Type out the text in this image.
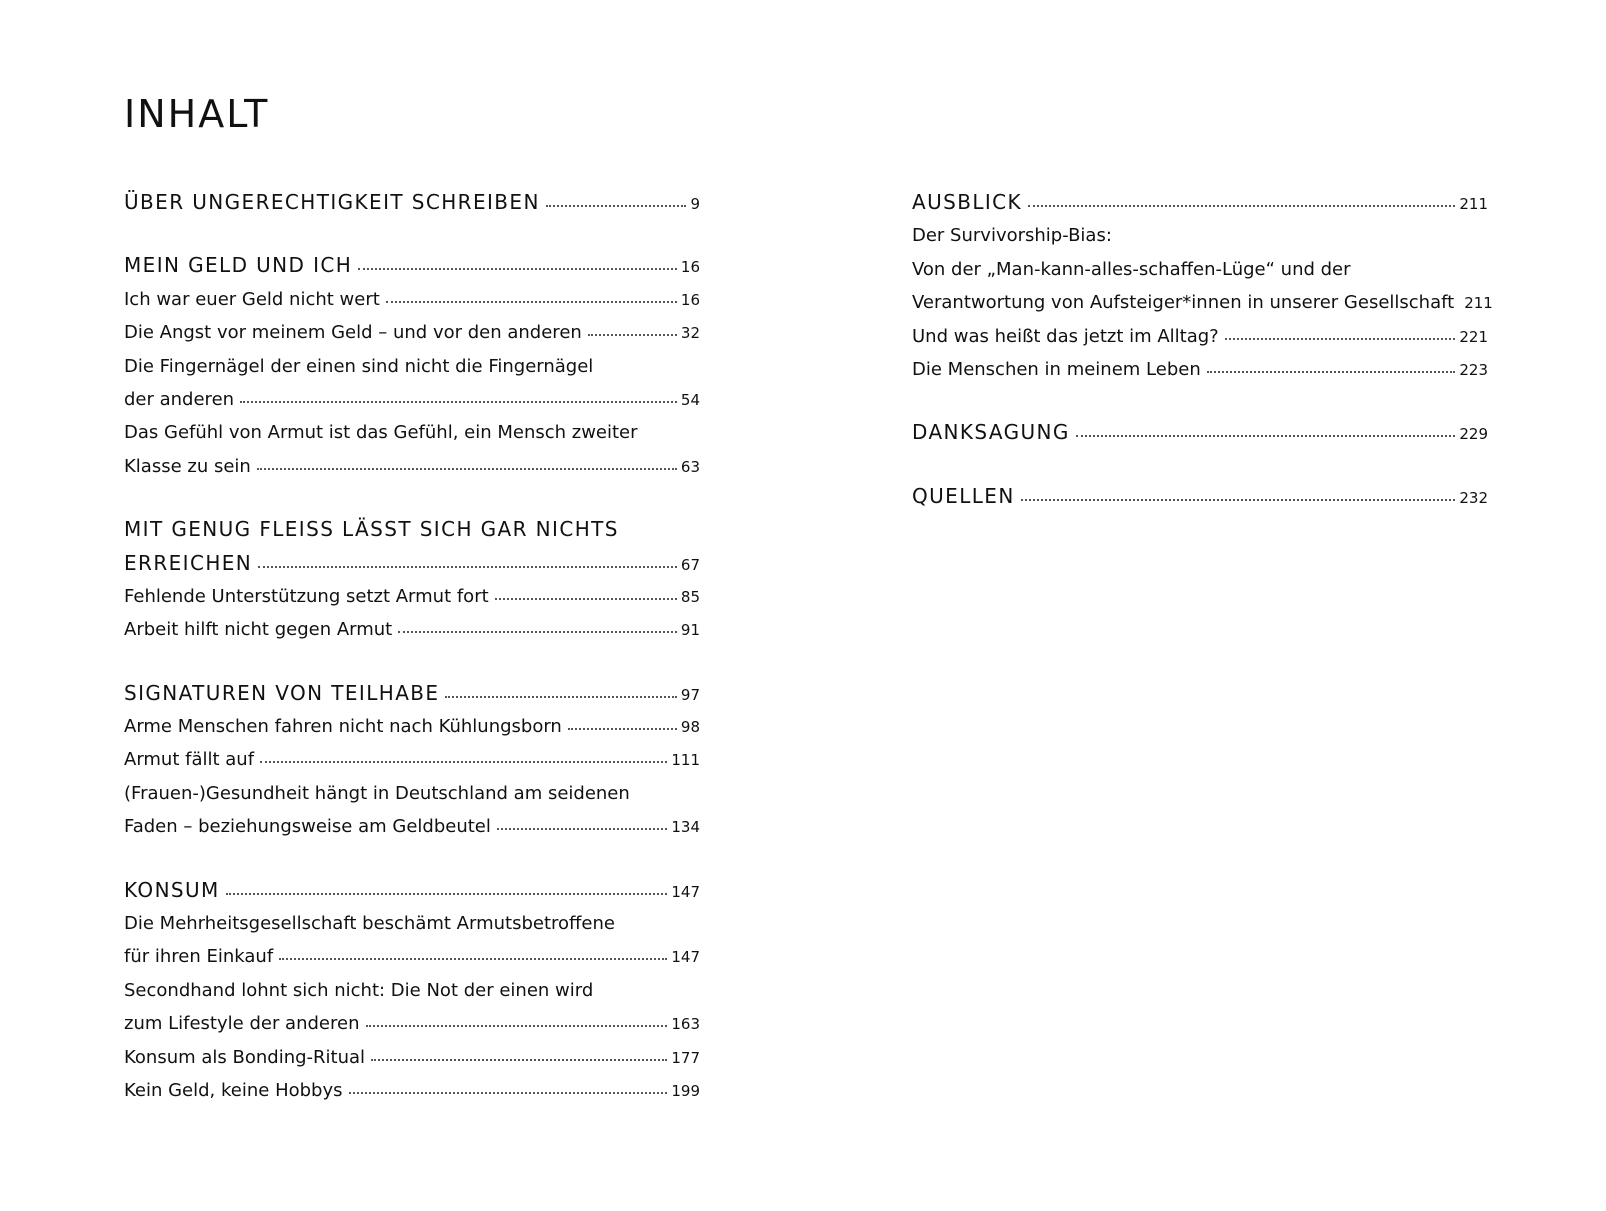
INHALT
ÜBER UNGERECHTIGKEIT SCHREIBEN	9
MEIN GELD UND ICH	16
Ich war euer Geld nicht wert	16
Die Angst vor meinem Geld – und vor den anderen	32
Die Fingernägel der einen sind nicht die Fingernägel
der anderen	54
Das Gefühl von Armut ist das Gefühl, ein Mensch zweiter
Klasse zu sein	63
MIT GENUG FLEISS LÄSST SICH GAR NICHTS
ERREICHEN	67
Fehlende Unterstützung setzt Armut fort	85
Arbeit hilft nicht gegen Armut	91
SIGNATUREN VON TEILHABE	97
Arme Menschen fahren nicht nach Kühlungsborn	98
Armut fällt auf	111
(Frauen-)Gesundheit hängt in Deutschland am seidenen
Faden – beziehungsweise am Geldbeutel	134
KONSUM	147
Die Mehrheitsgesellschaft beschämt Armutsbetroffene
für ihren Einkauf	147
Secondhand lohnt sich nicht: Die Not der einen wird
zum Lifestyle der anderen	163
Konsum als Bonding-Ritual	177
Kein Geld, keine Hobbys	199
AUSBLICK	211
Der Survivorship-Bias:
Von der „Man-kann-alles-schaffen-Lüge“ und der
Verantwortung von Aufsteiger*innen in unserer Gesellschaft 211
Und was heißt das jetzt im Alltag?	221
Die Menschen in meinem Leben	223
DANKSAGUNG	229
QUELLEN	232
